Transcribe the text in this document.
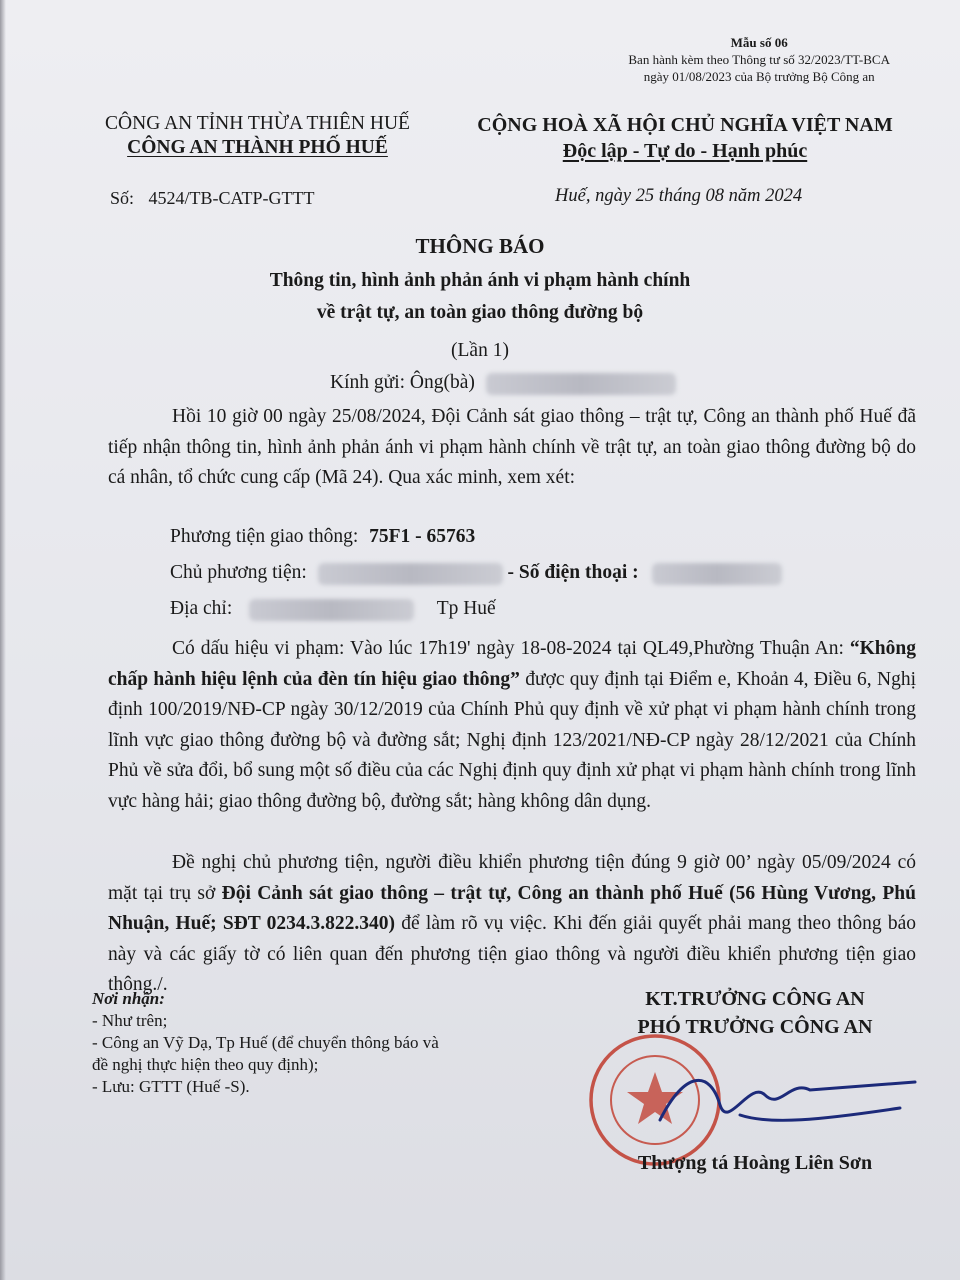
Mẫu số 06
Ban hành kèm theo Thông tư số 32/2023/TT-BCA
ngày 01/08/2023 của Bộ trưởng Bộ Công an
CÔNG AN TỈNH THỪA THIÊN HUẾ
CÔNG AN THÀNH PHỐ HUẾ
CỘNG HOÀ XÃ HỘI CHỦ NGHĨA VIỆT NAM
Độc lập - Tự do - Hạnh phúc
Số: 4524/TB-CATP-GTTT	Huế, ngày 25 tháng 08 năm 2024
THÔNG BÁO
Thông tin, hình ảnh phản ánh vi phạm hành chính
về trật tự, an toàn giao thông đường bộ
(Lần 1)
Kính gửi: Ông(bà)

Hồi 10 giờ 00 ngày 25/08/2024, Đội Cảnh sát giao thông – trật tự, Công an thành phố Huế đã tiếp nhận thông tin, hình ảnh phản ánh vi phạm hành chính về trật tự, an toàn giao thông đường bộ do cá nhân, tổ chức cung cấp (Mã 24). Qua xác minh, xem xét:

Phương tiện giao thông: 75F1 - 65763
Chủ phương tiện:	- Số điện thoại :
Địa chỉ:	Tp Huế

Có dấu hiệu vi phạm: Vào lúc 17h19' ngày 18-08-2024 tại QL49,Phường Thuận An: “Không chấp hành hiệu lệnh của đèn tín hiệu giao thông” được quy định tại Điểm e, Khoản 4, Điều 6, Nghị định 100/2019/NĐ-CP ngày 30/12/2019 của Chính Phủ quy định về xử phạt vi phạm hành chính trong lĩnh vực giao thông đường bộ và đường sắt; Nghị định 123/2021/NĐ-CP ngày 28/12/2021 của Chính Phủ về sửa đổi, bổ sung một số điều của các Nghị định quy định xử phạt vi phạm hành chính trong lĩnh vực hàng hải; giao thông đường bộ, đường sắt; hàng không dân dụng.

Đề nghị chủ phương tiện, người điều khiển phương tiện đúng 9 giờ 00’ ngày 05/09/2024 có mặt tại trụ sở Đội Cảnh sát giao thông – trật tự, Công an thành phố Huế (56 Hùng Vương, Phú Nhuận, Huế; SĐT 0234.3.822.340) để làm rõ vụ việc. Khi đến giải quyết phải mang theo thông báo này và các giấy tờ có liên quan đến phương tiện giao thông và người điều khiển phương tiện giao thông./.

Nơi nhận:
- Như trên;
- Công an Vỹ Dạ, Tp Huế (để chuyển thông báo và
đề nghị thực hiện theo quy định);
- Lưu: GTTT (Huế -S).
KT.TRƯỞNG CÔNG AN
PHÓ TRƯỞNG CÔNG AN
Thượng tá Hoàng Liên Sơn
